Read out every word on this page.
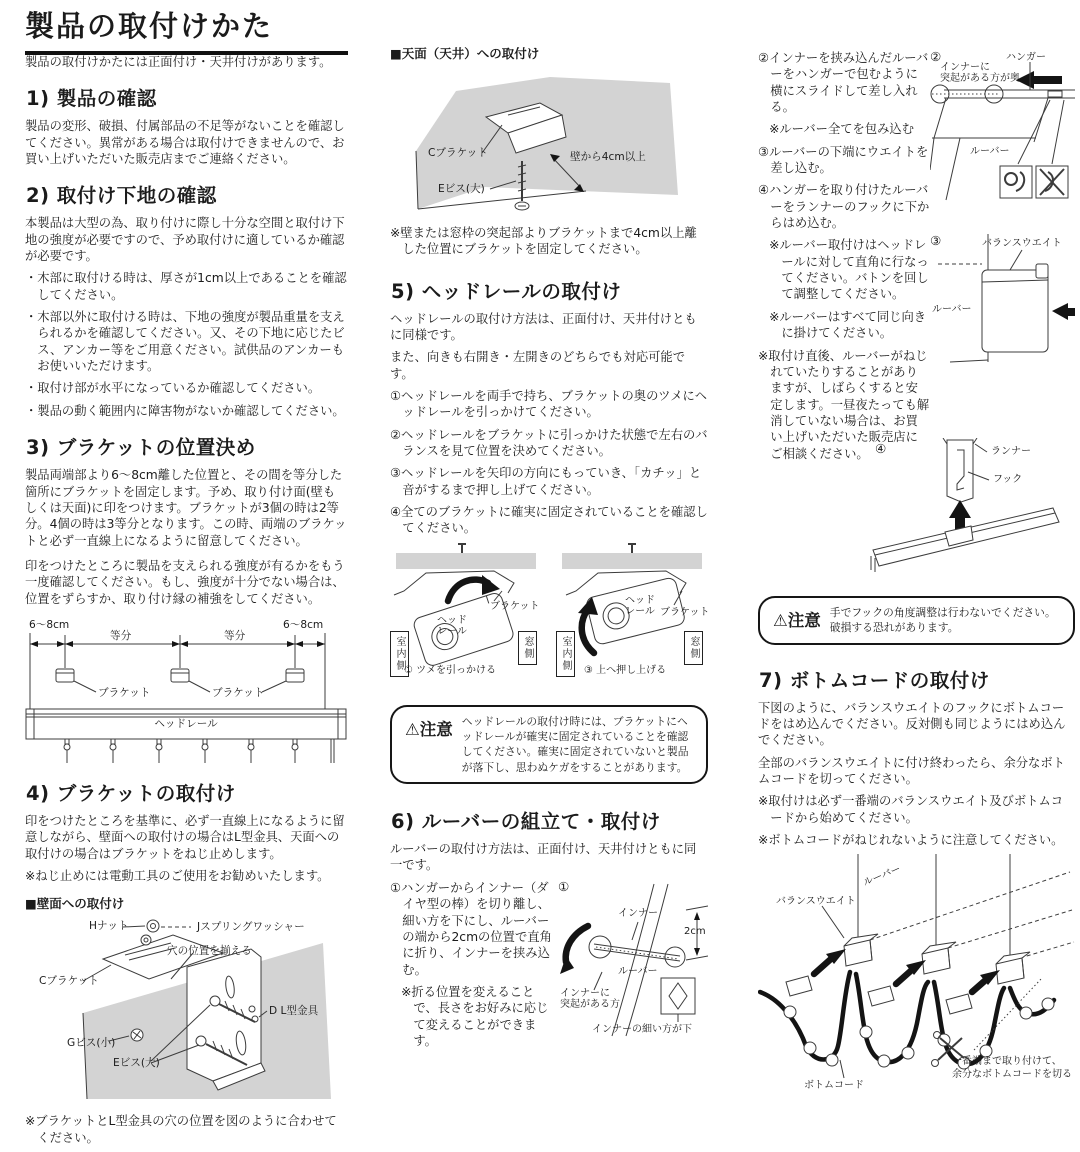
製品の取付けかた

製品の取付けかたには正面付け・天井付けがあります。

1) 製品の確認

製品の変形、破損、付属部品の不足等がないことを確認してください。異常がある場合は取付けできませんので、お買い上げいただいた販売店までご連絡ください。

2) 取付け下地の確認

本製品は大型の為、取り付けに際し十分な空間と取付け下地の強度が必要ですので、予め取付けに適しているか確認が必要です。

・木部に取付ける時は、厚さが1cm以上であることを確認してください。

・木部以外に取付ける時は、下地の強度が製品重量を支えられるかを確認してください。又、その下地に応じたビス、アンカー等をご用意ください。試供品のアンカーもお使いいただけます。

・取付け部が水平になっているか確認してください。

・製品の動く範囲内に障害物がないか確認してください。

3) ブラケットの位置決め

製品両端部より6〜8cm離した位置と、その間を等分した箇所にブラケットを固定します。予め、取り付け面(壁もしくは天面)に印をつけます。ブラケットが3個の時は2等分。4個の時は3等分となります。この時、両端のブラケットと必ず一直線上になるように留意してください。

印をつけたところに製品を支えられる強度が有るかをもう一度確認してください。もし、強度が十分でない場合は、位置をずらすか、取り付け縁の補強をしてください。

6〜8cm	6〜8cm
等分	等分
ブラケット	ブラケット
ヘッドレール
4) ブラケットの取付け

印をつけたところを基準に、必ず一直線上になるように留意しながら、壁面への取付けの場合はL型金具、天面への取付けの場合はブラケットをねじ止めします。

※ねじ止めには電動工具のご使用をお勧めいたします。

■壁面への取付け

Hナット	Jスプリングワッシャー
穴の位置を揃える
Cブラケット
D L型金具
Gビス(小)
Eビス(大)

※ブラケットとL型金具の穴の位置を図のように合わせてください。

■天面（天井）への取付け

Cブラケット
Eビス(大)
壁から4cm以上

※壁または窓枠の突起部よりブラケットまで4cm以上離した位置にブラケットを固定してください。

5) ヘッドレールの取付け

ヘッドレールの取付け方法は、正面付け、天井付けともに同様です。

また、向きも右開き・左開きのどちらでも対応可能です。

①ヘッドレールを両手で持ち、ブラケットの奥のツメにヘッドレールを引っかけてください。

②ヘッドレールをブラケットに引っかけた状態で左右のバランスを見て位置を決めてください。

③ヘッドレールを矢印の方向にもっていき、「カチッ」と音がするまで押し上げてください。

④全てのブラケットに確実に固定されていることを確認してください。

ブラケット
ヘッド
レール
室内側	窓側
① ツメを引っかける
ヘッド
レール ブラケット
室内側	窓側
③ 上へ押し上げる
⚠注意 ヘッドレールの取付け時には、ブラケットにヘッドレールが確実に固定されていることを確認してください。確実に固定されていないと製品が落下し、思わぬケガをすることがあります。

6) ルーバーの組立て・取付け

ルーバーの取付け方法は、正面付け、天井付けともに同一です。

①ハンガーからインナー（ダイヤ型の棒）を切り離し、細い方を下にし、ルーバーの端から2cmの位置で直角に折り、インナーを挟み込む。

※折る位置を変えることで、長さをお好みに応じて変えることができます。

①
インナー
2cm
ルーバー
インナーに
突起がある方
インナーの細い方が下

②インナーを挟み込んだルーバーをハンガーで包むように横にスライドして差し入れる。

※ルーバー全てを包み込む

③ルーバーの下端にウエイトを差し込む。

④ハンガーを取り付けたルーバーをランナーのフックに下からはめ込む。

※ルーバー取付けはヘッドレールに対して直角に行なってください。バトンを回して調整してください。

※ルーバーはすべて同じ向きに掛けてください。

※取付け直後、ルーバーがねじれていたりすることがありますが、しばらくすると安定します。一昼夜たっても解消していない場合は、お買い上げいただいた販売店にご相談ください。

②
インナーに
突起がある方が奥
ハンガー
ルーバー
③	バランスウエイト
ルーバー
④	ランナー
フック
⚠注意 手でフックの角度調整は行わないでください。破損する恐れがあります。

7) ボトムコードの取付け

下図のように、バランスウエイトのフックにボトムコードをはめ込んでください。反対側も同じようにはめ込んでください。

全部のバランスウエイトに付け終わったら、余分なボトムコードを切ってください。

※取付けは必ず一番端のバランスウエイト及びボトムコードから始めてください。

※ボトムコードがねじれないように注意してください。

ルーバー
バランスウエイト
ボトムコード
一番端まで取り付けて、
余分なボトムコードを切る
